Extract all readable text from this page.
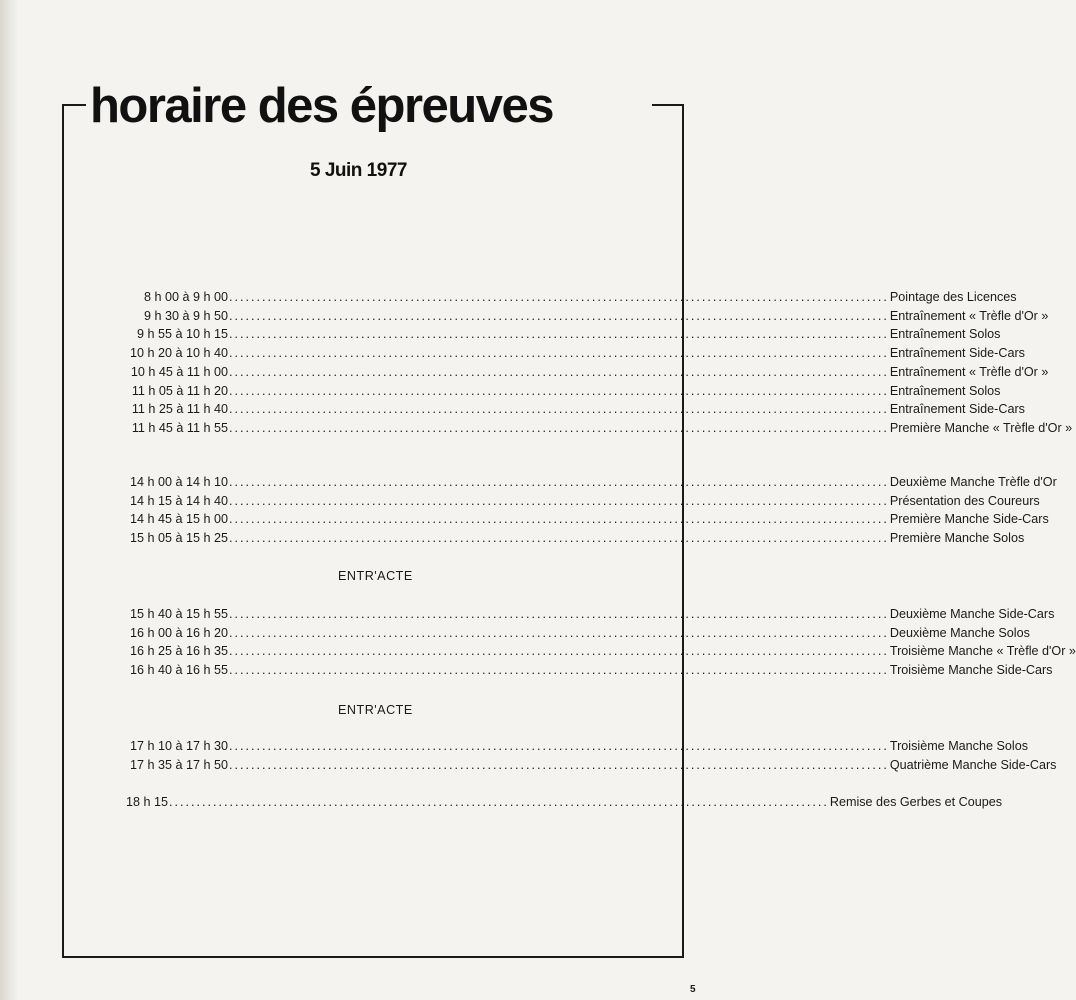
horaire des épreuves
5 Juin 1977
8 h 00 à 9 h 00 ........................................................................................................................ Pointage des Licences
9 h 30 à 9 h 50 ........................................................................................................................ Entraînement « Trèfle d'Or »
9 h 55 à 10 h 15 ........................................................................................................................ Entraînement Solos
10 h 20 à 10 h 40 ........................................................................................................................ Entraînement Side-Cars
10 h 45 à 11 h 00 ........................................................................................................................ Entraînement « Trèfle d'Or »
11 h 05 à 11 h 20 ........................................................................................................................ Entraînement Solos
11 h 25 à 11 h 40 ........................................................................................................................ Entraînement Side-Cars
11 h 45 à 11 h 55 ........................................................................................................................ Première Manche « Trèfle d'Or »
14 h 00 à 14 h 10 ........................................................................................................................ Deuxième Manche Trèfle d'Or
14 h 15 à 14 h 40 ........................................................................................................................ Présentation des Coureurs
14 h 45 à 15 h 00 ........................................................................................................................ Première Manche Side-Cars
15 h 05 à 15 h 25 ........................................................................................................................ Première Manche Solos
15 h 40 à 15 h 55 ........................................................................................................................ Deuxième Manche Side-Cars
16 h 00 à 16 h 20 ........................................................................................................................ Deuxième Manche Solos
16 h 25 à 16 h 35 ........................................................................................................................ Troisième Manche « Trèfle d'Or »
16 h 40 à 16 h 55 ........................................................................................................................ Troisième Manche Side-Cars
17 h 10 à 17 h 30 ........................................................................................................................ Troisième Manche Solos
17 h 35 à 17 h 50 ........................................................................................................................ Quatrième Manche Side-Cars
18 h 15 ........................................................................................................................ Remise des Gerbes et Coupes
ENTR'ACTE
ENTR'ACTE
5
